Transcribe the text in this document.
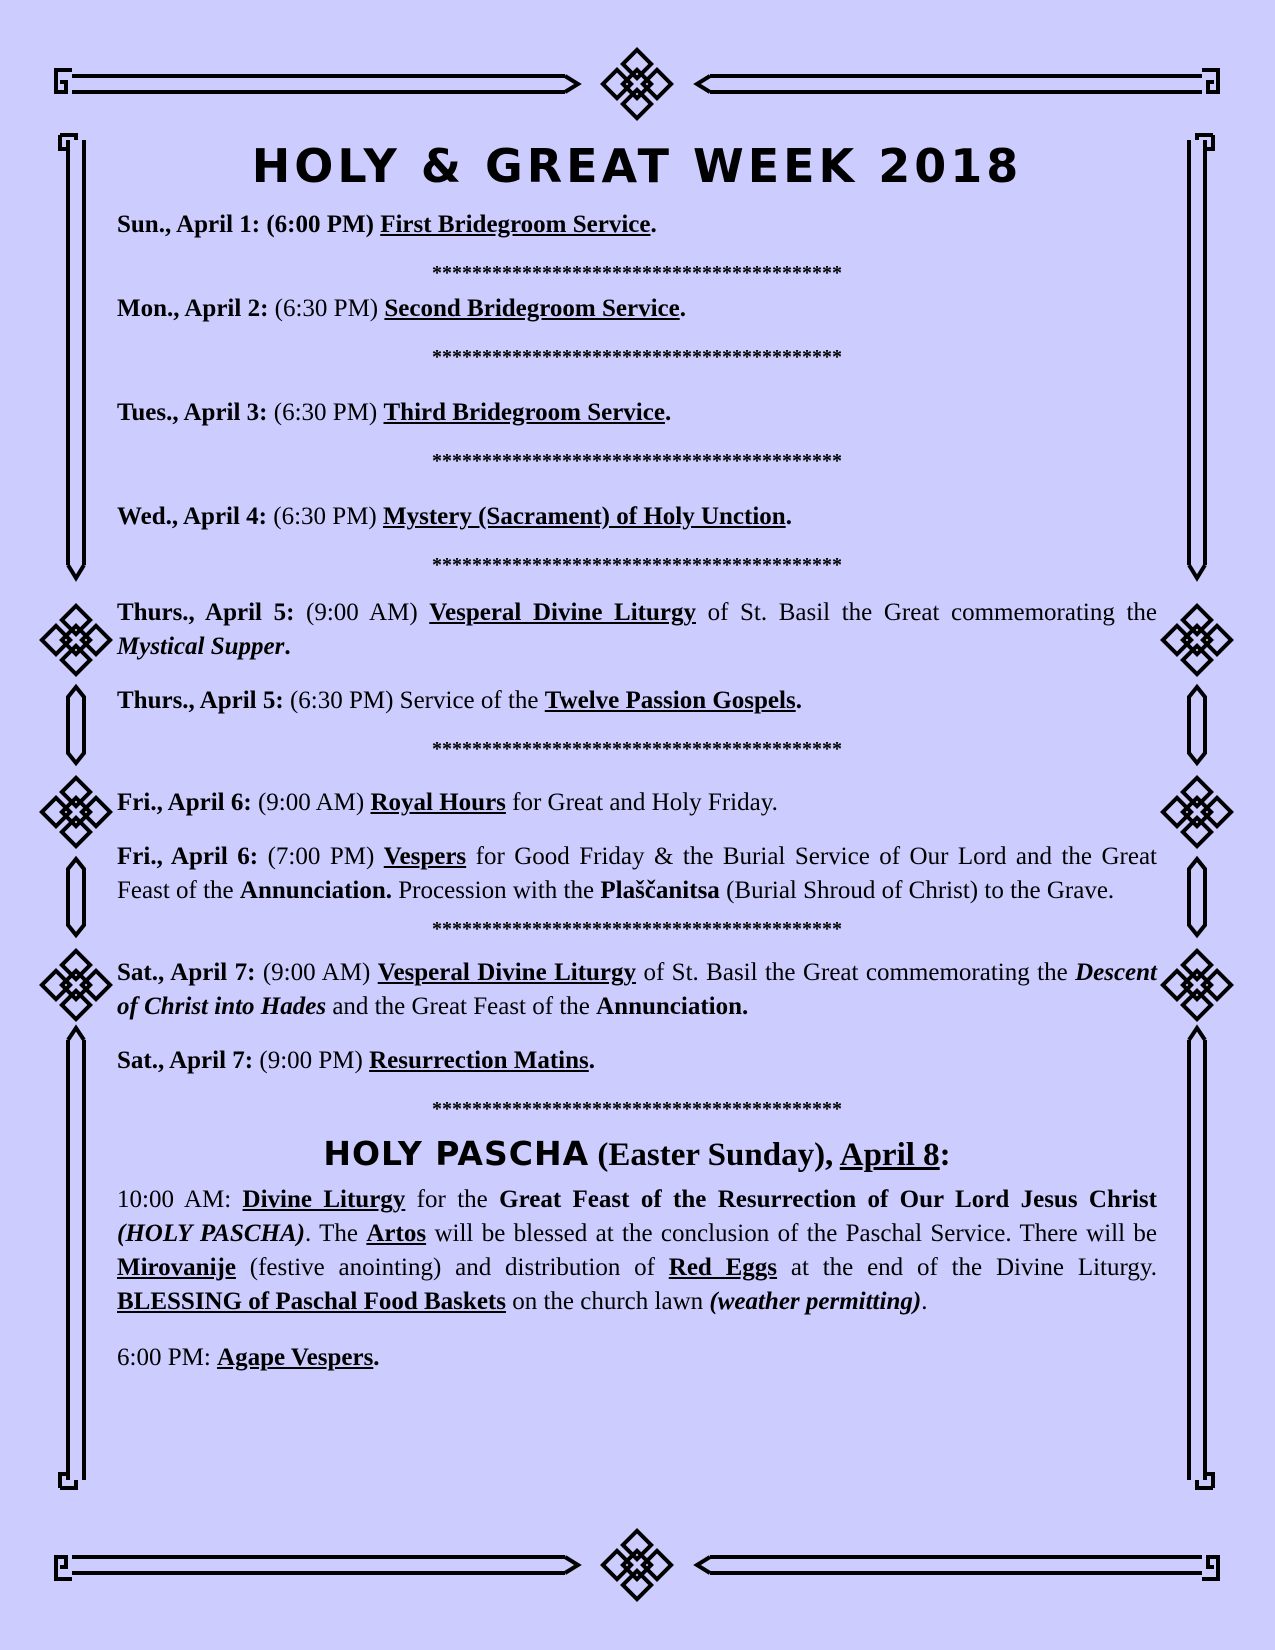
HOLY & GREAT WEEK 2018

Sun., April 1: (6:00 PM) First Bridegroom Service.

*****************************************

Mon., April 2: (6:30 PM) Second Bridegroom Service.

*****************************************

Tues., April 3: (6:30 PM) Third Bridegroom Service.

*****************************************

Wed., April 4: (6:30 PM) Mystery (Sacrament) of Holy Unction.

*****************************************

Thurs., April 5: (9:00 AM) Vesperal Divine Liturgy of St. Basil the Great commemorating the Mystical Supper.

Thurs., April 5: (6:30 PM) Service of the Twelve Passion Gospels.

*****************************************

Fri., April 6: (9:00 AM) Royal Hours for Great and Holy Friday.

Fri., April 6: (7:00 PM) Vespers for Good Friday & the Burial Service of Our Lord and the Great Feast of the Annunciation. Procession with the Plaščanitsa (Burial Shroud of Christ) to the Grave.

*****************************************

Sat., April 7: (9:00 AM) Vesperal Divine Liturgy of St. Basil the Great commemorating the Descent of Christ into Hades and the Great Feast of the Annunciation.

Sat., April 7: (9:00 PM) Resurrection Matins.

*****************************************

HOLY PASCHA (Easter Sunday), April 8:

10:00 AM: Divine Liturgy for the Great Feast of the Resurrection of Our Lord Jesus Christ (HOLY PASCHA). The Artos will be blessed at the conclusion of the Paschal Service. There will be Mirovanije (festive anointing) and distribution of Red Eggs at the end of the Divine Liturgy. BLESSING of Paschal Food Baskets on the church lawn (weather permitting).

6:00 PM: Agape Vespers.
